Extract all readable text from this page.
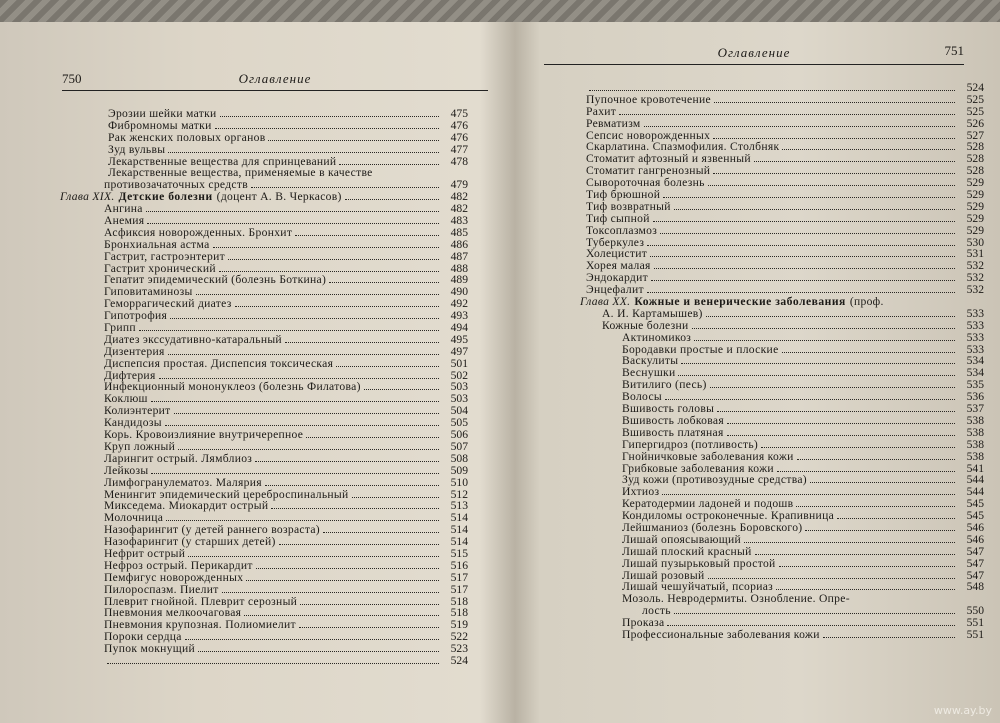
750	Оглавление
Эрозии шейки матки	475
Фибромномы матки	476
Рак женских половых органов	476
Зуд вульвы	477
Лекарственные вещества для спринцеваний	478
Лекарственные вещества, применяемые в качестве
противозачаточных средств	479
Глава XIX. Детские болезни (доцент А. В. Черкасов)	482
Ангина	482
Анемия	483
Асфиксия новорожденных. Бронхит	485
Бронхиальная астма	486
Гастрит, гастроэнтерит	487
Гастрит хронический	488
Гепатит эпидемический (болезнь Боткина)	489
Гиповитаминозы	490
Геморрагический диатез	492
Гипотрофия	493
Грипп	494
Диатез экссудативно-катаральный	495
Дизентерия	497
Диспепсия простая. Диспепсия токсическая	501
Дифтерия	502
Инфекционный мононуклеоз (болезнь Филатова)	503
Коклюш	503
Колиэнтерит	504
Кандидозы	505
Корь. Кровоизлияние внутричерепное	506
Круп ложный	507
Ларингит острый. Лямблиоз	508
Лейкозы	509
Лимфогранулематоз. Малярия	510
Менингит эпидемический цереброспинальный	512
Микседема. Миокардит острый	513
Молочница	514
Назофарингит (у детей раннего возраста)	514
Назофарингит (у старших детей)	514
Нефрит острый	515
Нефроз острый. Перикардит	516
Пемфигус новорожденных	517
Пилороспазм. Пиелит	517
Плеврит гнойной. Плеврит серозный	518
Пневмония мелкоочаговая	518
Пневмония крупозная. Полиомиелит	519
Пороки сердца	522
Пупок мокнущий	523
524
Оглавление	751
524
Пупочное кровотечение	525
Рахит	525
Ревматизм	526
Сепсис новорожденных	527
Скарлатина. Спазмофилия. Столбняк	528
Стоматит афтозный и язвенный	528
Стоматит гангренозный	528
Сывороточная болезнь	529
Тиф брюшной	529
Тиф возвратный	529
Тиф сыпной	529
Токсоплазмоз	529
Туберкулез	530
Холецистит	531
Хорея малая	532
Эндокардит	532
Энцефалит	532
Глава XX. Кожные и венерические заболевания (проф.
А. И. Картамышев)	533
Кожные болезни	533
Актиномикоз	533
Бородавки простые и плоские	533
Васкулиты	534
Веснушки	534
Витилиго (песь)	535
Волосы	536
Вшивость головы	537
Вшивость лобковая	538
Вшивость платяная	538
Гипергидроз (потливость)	538
Гнойничковые заболевания кожи	538
Грибковые заболевания кожи	541
Зуд кожи (противозудные средства)	544
Ихтиоз	544
Кератодермии ладоней и подошв	545
Кондиломы остроконечные. Крапивница	545
Лейшманиоз (болезнь Боровского)	546
Лишай опоясывающий	546
Лишай плоский красный	547
Лишай пузырьковый простой	547
Лишай розовый	547
Лишай чешуйчатый, псориаз	548
Мозоль. Невродермиты. Ознобление. Опре-
лость	550
Проказа	551
Профессиональные заболевания кожи	551
www.ay.by
